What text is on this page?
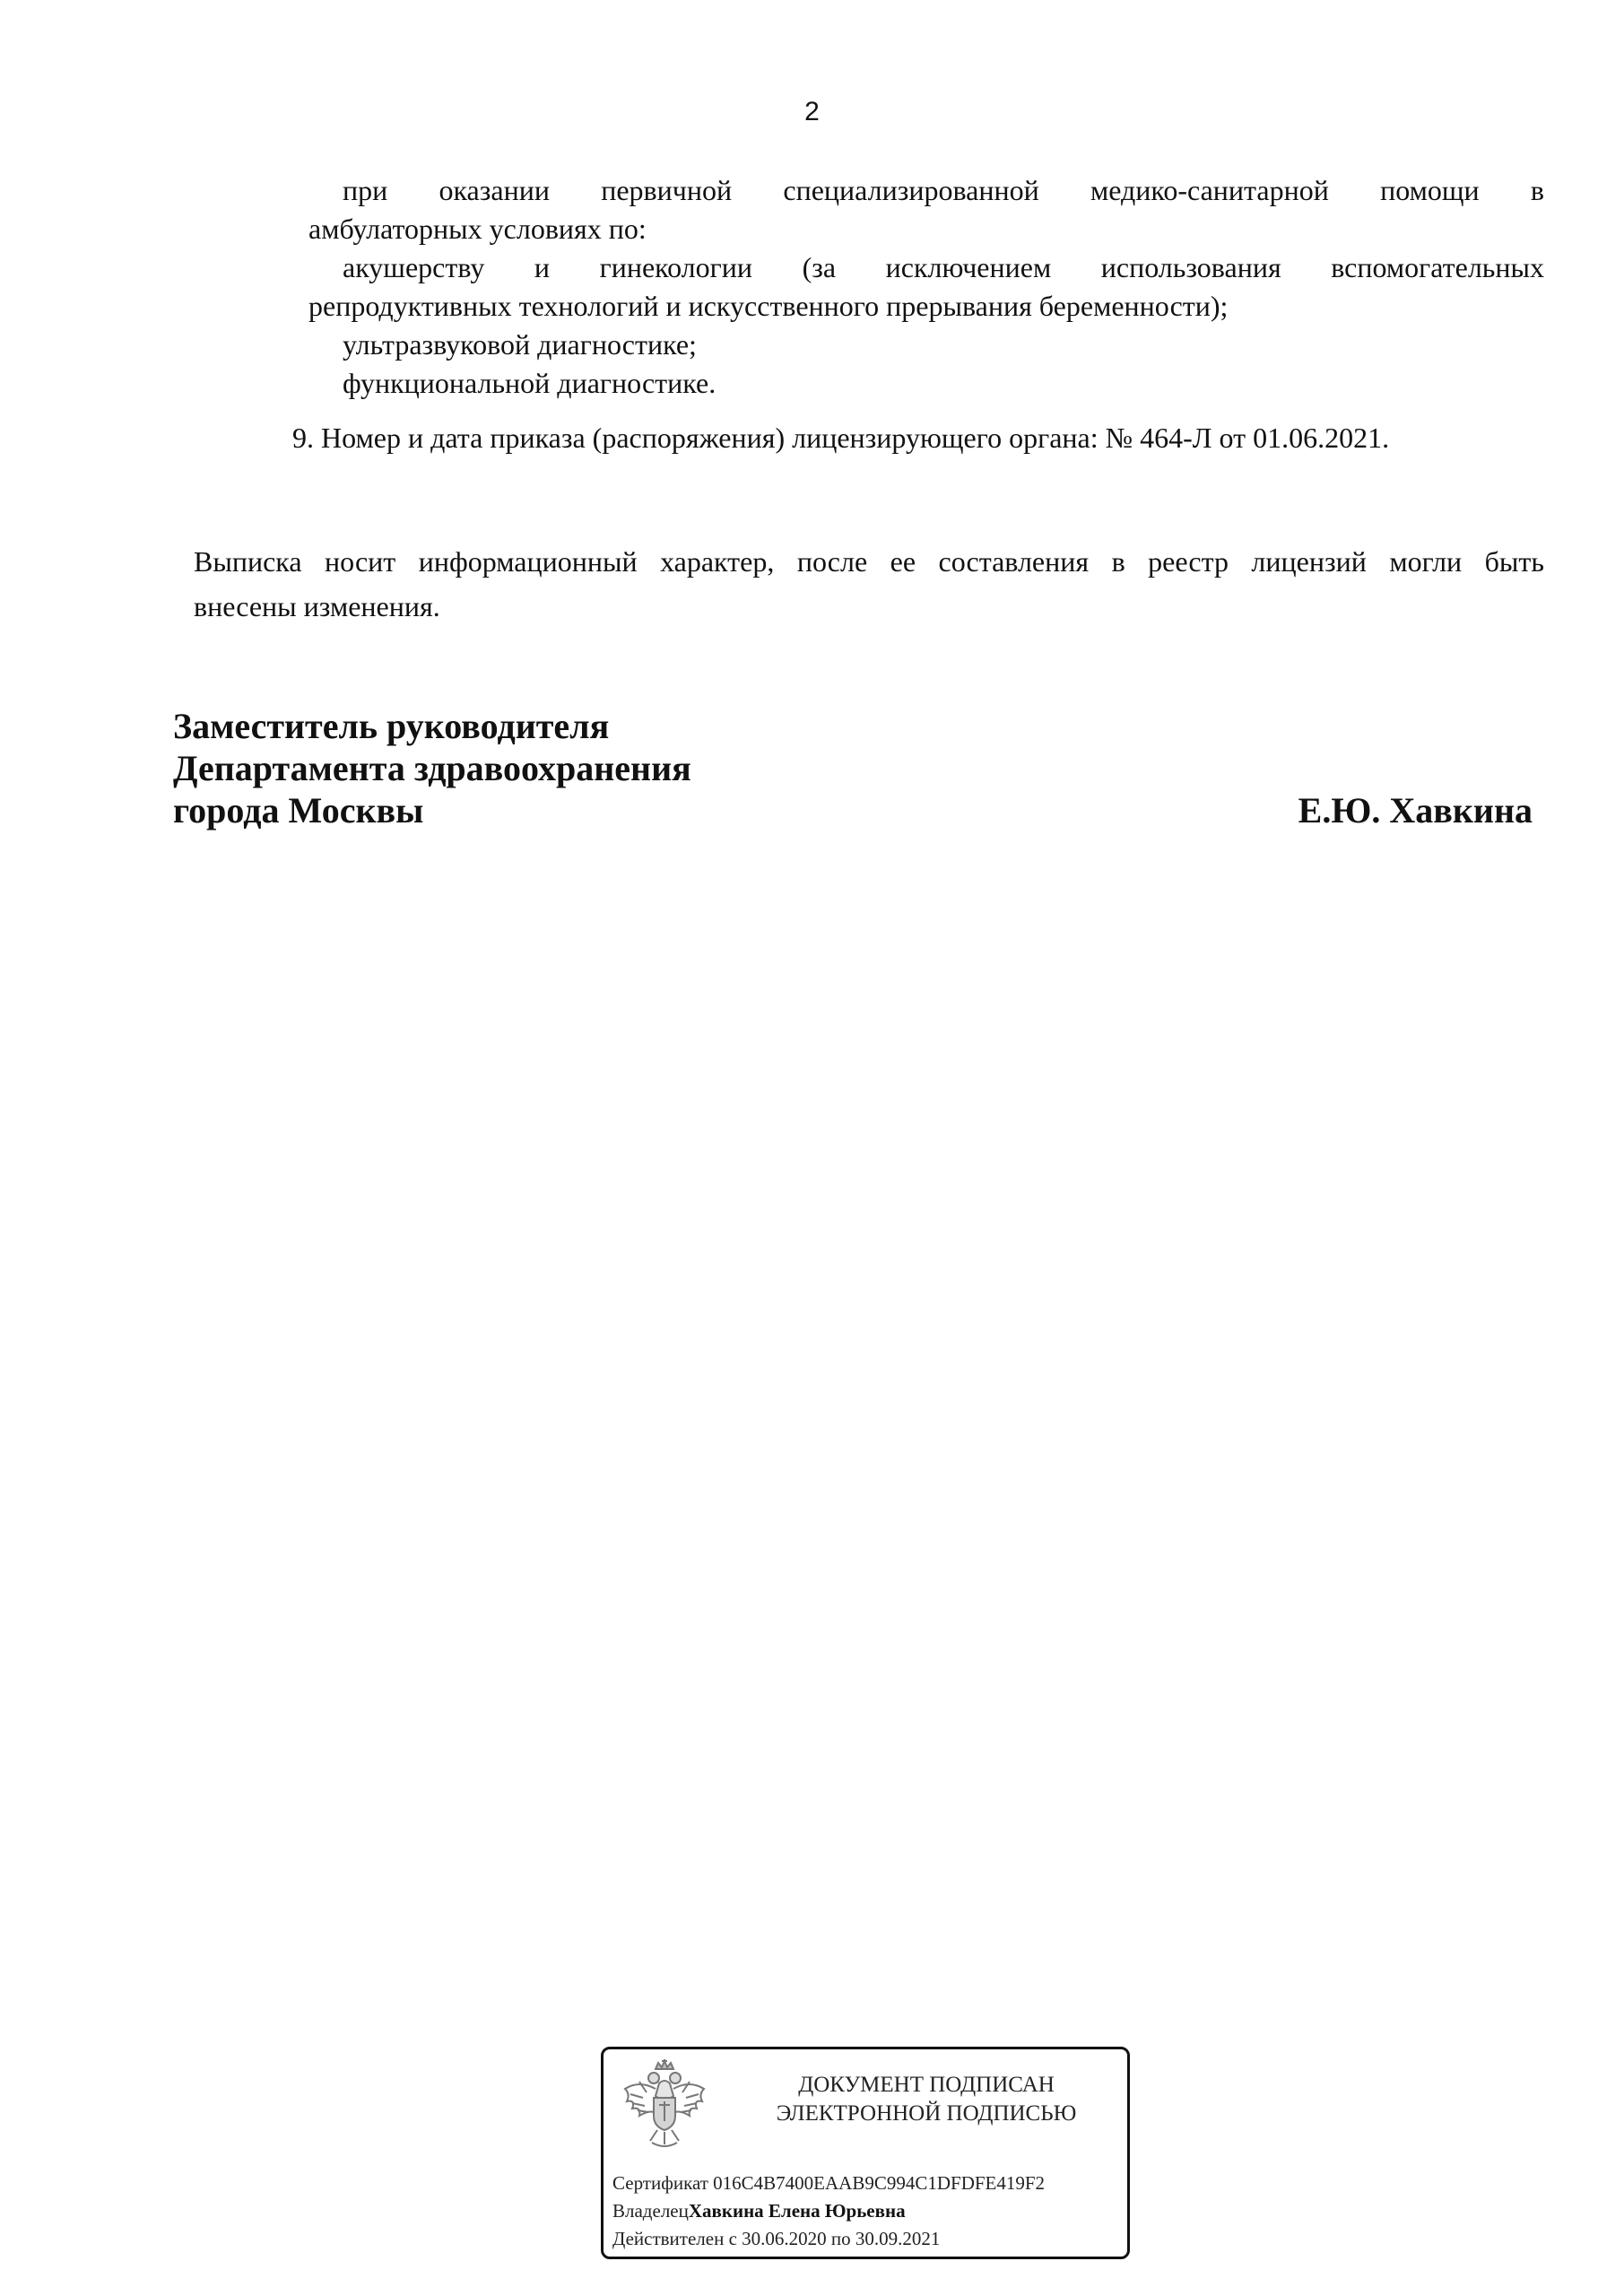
2
при оказании первичной специализированной медико-санитарной помощи в
амбулаторных условиях по:
акушерству и гинекологии (за исключением использования вспомогательных
репродуктивных технологий и искусственного прерывания беременности);
ультразвуковой диагностике;
функциональной диагностике.
9. Номер и дата приказа (распоряжения) лицензирующего органа: № 464-Л от 01.06.2021.
Выписка носит информационный характер, после ее составления в реестр лицензий могли быть
внесены изменения.
Заместитель руководителя
Департамента здравоохранения
города Москвы	Е.Ю. Хавкина
ДОКУМЕНТ ПОДПИСАН
ЭЛЕКТРОННОЙ ПОДПИСЬЮ
Сертификат 016C4B7400EAAB9C994C1DFDFE419F2
ВладелецХавкина Елена Юрьевна
Действителен с 30.06.2020 по 30.09.2021
